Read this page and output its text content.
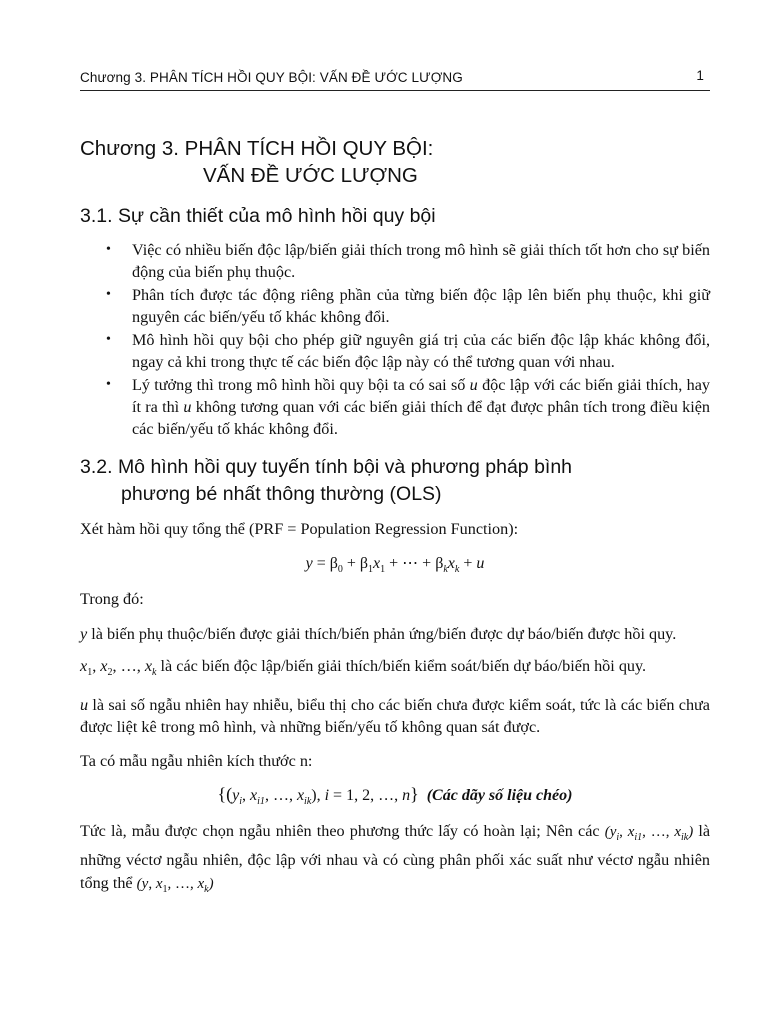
Chương 3. PHÂN TÍCH HỒI QUY BỘI: VẤN ĐỀ ƯỚC LƯỢNG	1
Chương 3. PHÂN TÍCH HỒI QUY BỘI:
VẤN ĐỀ ƯỚC LƯỢNG
3.1. Sự cần thiết của mô hình hồi quy bội
• Việc có nhiều biến độc lập/biến giải thích trong mô hình sẽ giải thích tốt hơn cho sự biến động của biến phụ thuộc.
• Phân tích được tác động riêng phần của từng biến độc lập lên biến phụ thuộc, khi giữ nguyên các biến/yếu tố khác không đổi.
• Mô hình hồi quy bội cho phép giữ nguyên giá trị của các biến độc lập khác không đổi, ngay cả khi trong thực tế các biến độc lập này có thể tương quan với nhau.
• Lý tưởng thì trong mô hình hồi quy bội ta có sai số u độc lập với các biến giải thích, hay ít ra thì u không tương quan với các biến giải thích để đạt được phân tích trong điều kiện các biến/yếu tố khác không đổi.
3.2. Mô hình hồi quy tuyến tính bội và phương pháp bình
phương bé nhất thông thường (OLS)

Xét hàm hồi quy tổng thể (PRF = Population Regression Function):

$y = \beta_0 + \beta_1x_1$ + ⋯ + $\beta_kx_k + u$

Trong đó:

y là biến phụ thuộc/biến được giải thích/biến phản ứng/biến được dự báo/biến được hồi quy.

$x_1$, $x_2$, …, $x_k$ là các biến độc lập/biến giải thích/biến kiểm soát/biến dự báo/biến hồi quy.

u là sai số ngẫu nhiên hay nhiễu, biểu thị cho các biến chưa được kiểm soát, tức là các biến chưa được liệt kê trong mô hình, và những biến/yếu tố không quan sát được.

Ta có mẫu ngẫu nhiên kích thước n:

{($y_i$, $x_{i1}$, …, $x_{ik}$), i = 1, 2, …, n} (Các dãy số liệu chéo)

Tức là, mẫu được chọn ngẫu nhiên theo phương thức lấy có hoàn lại; Nên các ($y_i$, $x_{i1}$, …, $x_{ik}$) là những véctơ ngẫu nhiên, độc lập với nhau và có cùng phân phối xác suất như véctơ ngẫu nhiên tổng thể (y, $x_1$, …, $x_k$)
